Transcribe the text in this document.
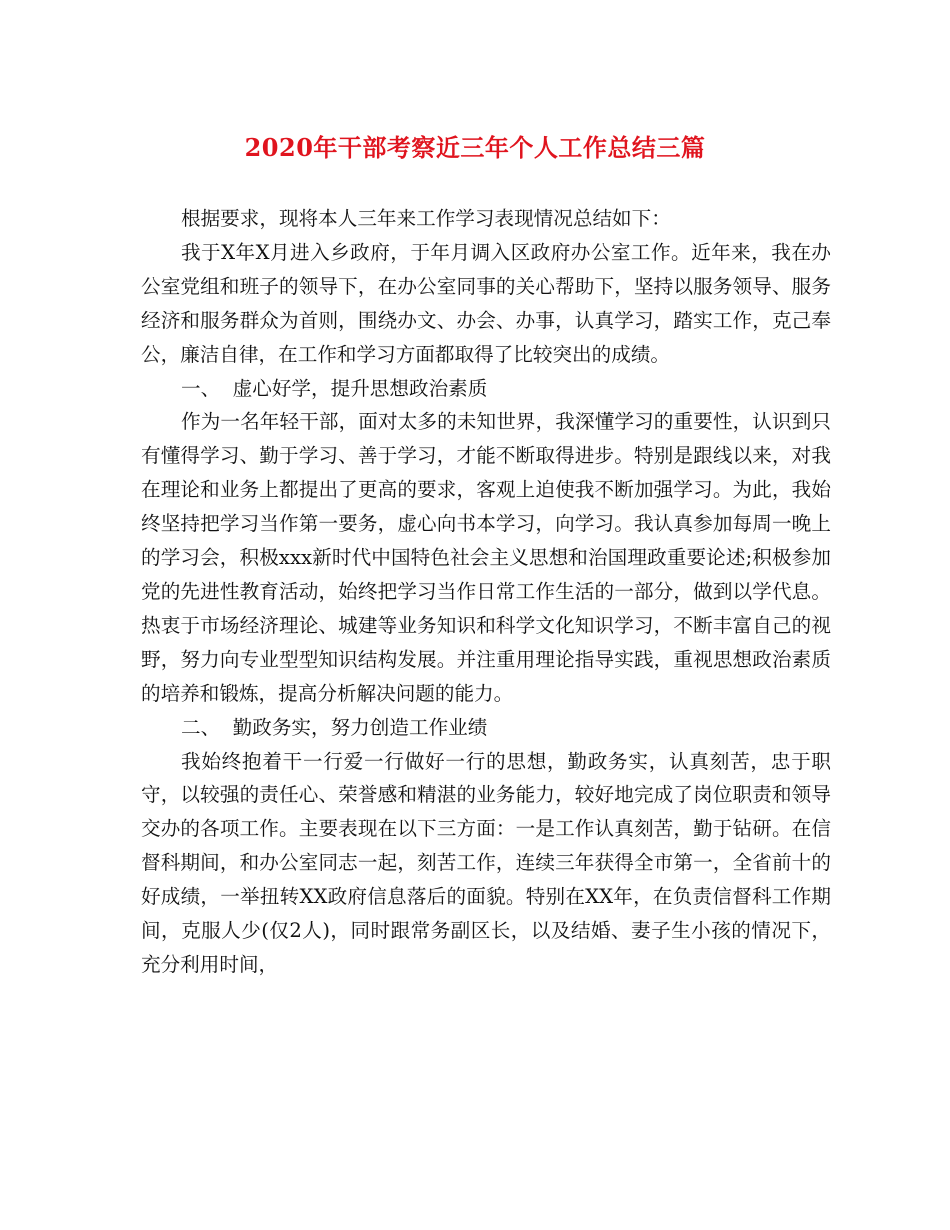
2020年干部考察近三年个人工作总结三篇

根据要求，现将本人三年来工作学习表现情况总结如下：

我于X年X月进入乡政府，于年月调入区政府办公室工作。近年来，我在办公室党组和班子的领导下，在办公室同事的关心帮助下，坚持以服务领导、服务经济和服务群众为首则，围绕办文、办会、办事，认真学习，踏实工作，克己奉公，廉洁自律，在工作和学习方面都取得了比较突出的成绩。

一、  虚心好学，提升思想政治素质

作为一名年轻干部，面对太多的未知世界，我深懂学习的重要性，认识到只有懂得学习、勤于学习、善于学习，才能不断取得进步。特别是跟线以来，对我在理论和业务上都提出了更高的要求，客观上迫使我不断加强学习。为此，我始终坚持把学习当作第一要务，虚心向书本学习，向学习。我认真参加每周一晚上的学习会，积极xxx新时代中国特色社会主义思想和治国理政重要论述;积极参加党的先进性教育活动，始终把学习当作日常工作生活的一部分，做到以学代息。热衷于市场经济理论、城建等业务知识和科学文化知识学习，不断丰富自己的视野，努力向专业型型知识结构发展。并注重用理论指导实践，重视思想政治素质的培养和锻炼，提高分析解决问题的能力。

二、  勤政务实，努力创造工作业绩

我始终抱着干一行爱一行做好一行的思想，勤政务实，认真刻苦，忠于职守，以较强的责任心、荣誉感和精湛的业务能力，较好地完成了岗位职责和领导交办的各项工作。主要表现在以下三方面：一是工作认真刻苦，勤于钻研。在信督科期间，和办公室同志一起，刻苦工作，连续三年获得全市第一，全省前十的好成绩，一举扭转XX政府信息落后的面貌。特别在XX年，在负责信督科工作期间，克服人少(仅2人)，同时跟常务副区长，以及结婚、妻子生小孩的情况下，充分利用时间，
